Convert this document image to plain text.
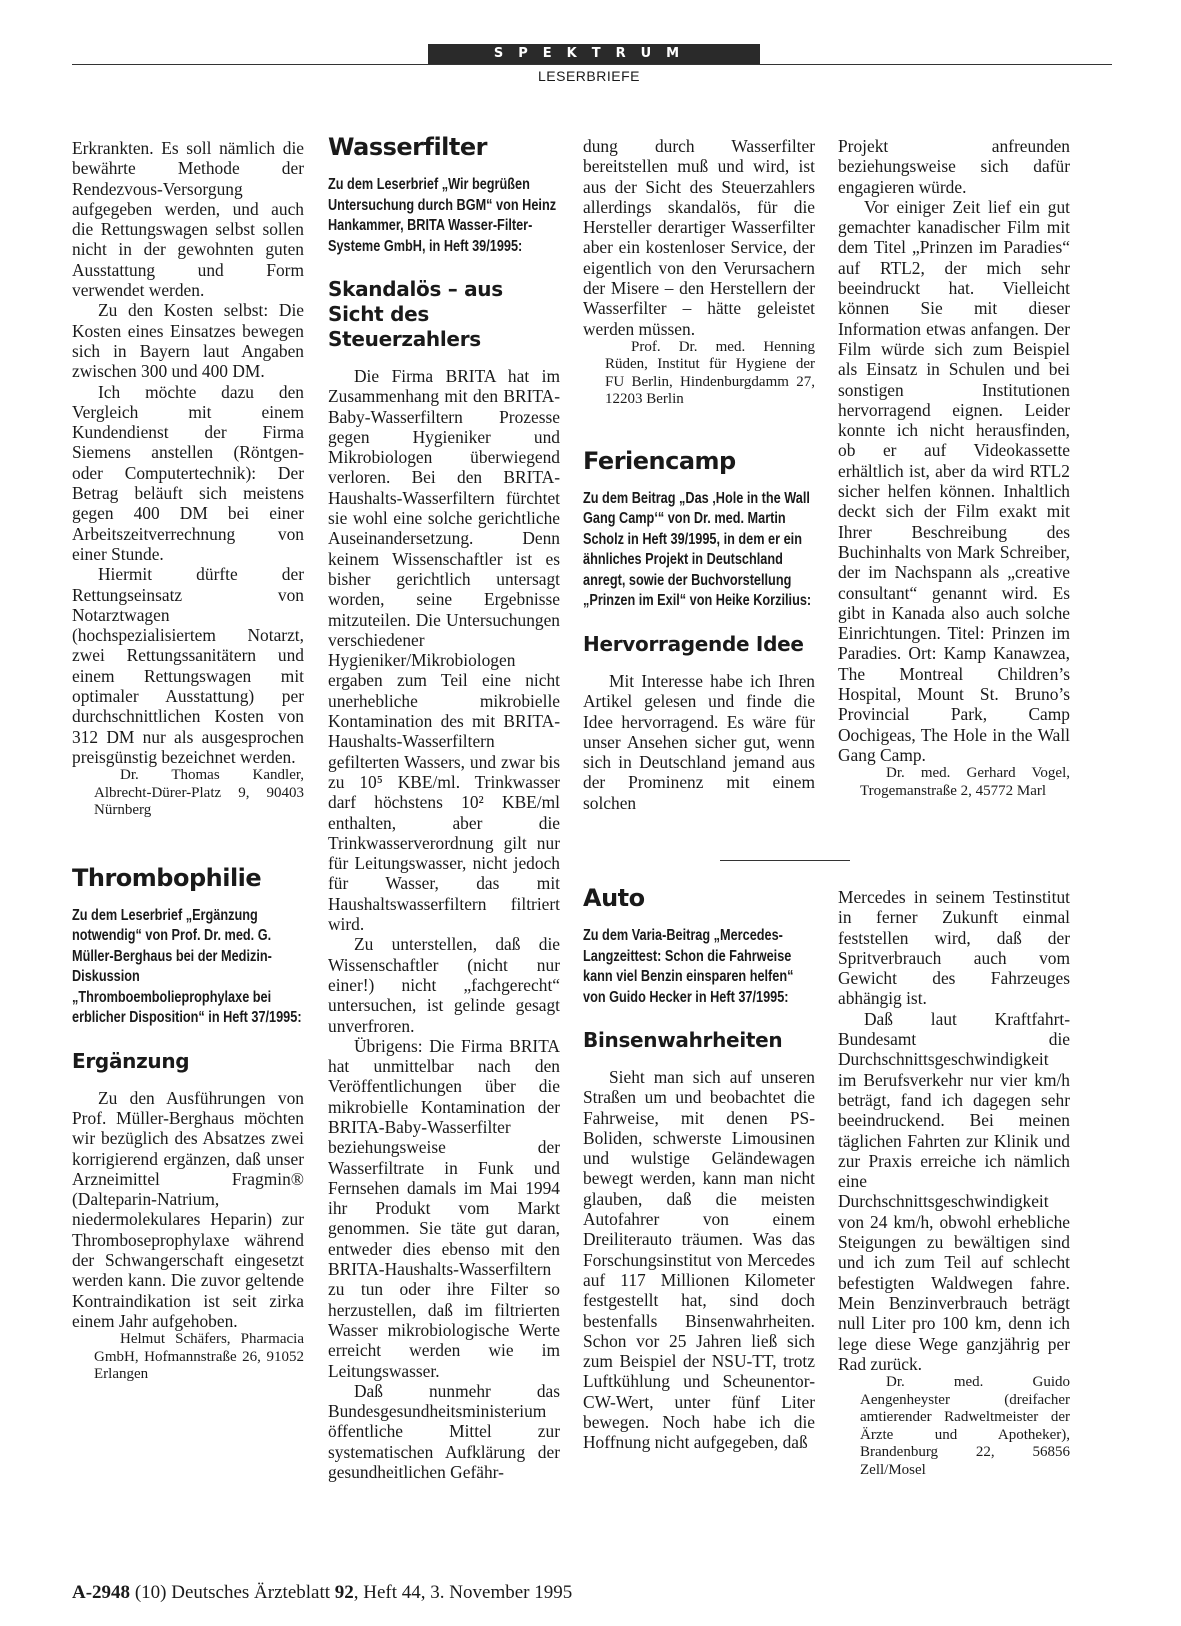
SPEKTRUM
LESERBRIEFE

Erkrankten. Es soll nämlich die bewährte Methode der Rendezvous-Versorgung aufgegeben werden, und auch die Rettungswagen selbst sollen nicht in der gewohnten guten Ausstattung und Form verwendet werden.

Zu den Kosten selbst: Die Kosten eines Einsatzes bewegen sich in Bayern laut Angaben zwischen 300 und 400 DM.

Ich möchte dazu den Vergleich mit einem Kundendienst der Firma Siemens anstellen (Röntgen- oder Computertechnik): Der Betrag beläuft sich meistens gegen 400 DM bei einer Arbeitszeitverrechnung von einer Stunde.

Hiermit dürfte der Rettungseinsatz von Notarztwagen (hochspezialisiertem Notarzt, zwei Rettungssanitätern und einem Rettungswagen mit optimaler Ausstattung) per durchschnittlichen Kosten von 312 DM nur als ausgesprochen preisgünstig bezeichnet werden.

Dr. Thomas Kandler, Albrecht-Dürer-Platz 9, 90403 Nürnberg

Thrombophilie
Zu dem Leserbrief „Ergänzung notwendig“ von Prof. Dr. med. G. Müller-Berghaus bei der Medizin-Diskussion „Thromboembolieprophylaxe bei erblicher Disposition“ in Heft 37/1995:
Ergänzung

Zu den Ausführungen von Prof. Müller-Berghaus möchten wir bezüglich des Absatzes zwei korrigierend ergänzen, daß unser Arzneimittel Fragmin® (Dalteparin-Natrium, niedermolekulares Heparin) zur Thromboseprophylaxe während der Schwangerschaft eingesetzt werden kann. Die zuvor geltende Kontraindikation ist seit zirka einem Jahr aufgehoben.

Helmut Schäfers, Pharmacia GmbH, Hofmannstraße 26, 91052 Erlangen

Wasserfilter
Zu dem Leserbrief „Wir begrüßen Untersuchung durch BGM“ von Heinz Hankammer, BRITA Wasser-Filter-Systeme GmbH, in Heft 39/1995:
Skandalös – aus Sicht des Steuerzahlers

Die Firma BRITA hat im Zusammenhang mit den BRITA-Baby-Wasserfiltern Prozesse gegen Hygieniker und Mikrobiologen überwiegend verloren. Bei den BRITA-Haushalts-Wasserfiltern fürchtet sie wohl eine solche gerichtliche Auseinandersetzung. Denn keinem Wissenschaftler ist es bisher gerichtlich untersagt worden, seine Ergebnisse mitzuteilen. Die Untersuchungen verschiedener Hygieniker/Mikrobiologen ergaben zum Teil eine nicht unerhebliche mikrobielle Kontamination des mit BRITA-Haushalts-Wasserfiltern gefilterten Wassers, und zwar bis zu 10⁵ KBE/ml. Trinkwasser darf höchstens 10² KBE/ml enthalten, aber die Trinkwasserverordnung gilt nur für Leitungswasser, nicht jedoch für Wasser, das mit Haushaltswasserfiltern filtriert wird.

Zu unterstellen, daß die Wissenschaftler (nicht nur einer!) nicht „fachgerecht“ untersuchen, ist gelinde gesagt unverfroren.

Übrigens: Die Firma BRITA hat unmittelbar nach den Veröffentlichungen über die mikrobielle Kontamination der BRITA-Baby-Wasserfilter beziehungsweise der Wasserfiltrate in Funk und Fernsehen damals im Mai 1994 ihr Produkt vom Markt genommen. Sie täte gut daran, entweder dies ebenso mit den BRITA-Haushalts-Wasserfiltern zu tun oder ihre Filter so herzustellen, daß im filtrierten Wasser mikrobiologische Werte erreicht werden wie im Leitungswasser.

Daß nunmehr das Bundesgesundheitsministerium öffentliche Mittel zur systematischen Aufklärung der gesundheitlichen Gefähr-

dung durch Wasserfilter bereitstellen muß und wird, ist aus der Sicht des Steuerzahlers allerdings skandalös, für die Hersteller derartiger Wasserfilter aber ein kostenloser Service, der eigentlich von den Verursachern der Misere – den Herstellern der Wasserfilter – hätte geleistet werden müssen.

Prof. Dr. med. Henning Rüden, Institut für Hygiene der FU Berlin, Hindenburgdamm 27, 12203 Berlin

Feriencamp
Zu dem Beitrag „Das ‚Hole in the Wall Gang Camp‘“ von Dr. med. Martin Scholz in Heft 39/1995, in dem er ein ähnliches Projekt in Deutschland anregt, sowie der Buchvorstellung „Prinzen im Exil“ von Heike Korzilius:
Hervorragende Idee

Mit Interesse habe ich Ihren Artikel gelesen und finde die Idee hervorragend. Es wäre für unser Ansehen sicher gut, wenn sich in Deutschland jemand aus der Prominenz mit einem solchen

Projekt anfreunden beziehungsweise sich dafür engagieren würde.

Vor einiger Zeit lief ein gut gemachter kanadischer Film mit dem Titel „Prinzen im Paradies“ auf RTL2, der mich sehr beeindruckt hat. Vielleicht können Sie mit dieser Information etwas anfangen. Der Film würde sich zum Beispiel als Einsatz in Schulen und bei sonstigen Institutionen hervorragend eignen. Leider konnte ich nicht herausfinden, ob er auf Videokassette erhältlich ist, aber da wird RTL2 sicher helfen können. Inhaltlich deckt sich der Film exakt mit Ihrer Beschreibung des Buchinhalts von Mark Schreiber, der im Nachspann als „creative consultant“ genannt wird. Es gibt in Kanada also auch solche Einrichtungen. Titel: Prinzen im Paradies. Ort: Kamp Kanawzea, The Montreal Children’s Hospital, Mount St. Bruno’s Provincial Park, Camp Oochigeas, The Hole in the Wall Gang Camp.

Dr. med. Gerhard Vogel, Trogemanstraße 2, 45772 Marl

Auto
Zu dem Varia-Beitrag „Mercedes-Langzeittest: Schon die Fahrweise kann viel Benzin einsparen helfen“ von Guido Hecker in Heft 37/1995:
Binsenwahrheiten

Sieht man sich auf unseren Straßen um und beobachtet die Fahrweise, mit denen PS-Boliden, schwerste Limousinen und wulstige Geländewagen bewegt werden, kann man nicht glauben, daß die meisten Autofahrer von einem Dreiliterauto träumen. Was das Forschungsinstitut von Mercedes auf 117 Millionen Kilometer festgestellt hat, sind doch bestenfalls Binsenwahrheiten. Schon vor 25 Jahren ließ sich zum Beispiel der NSU-TT, trotz Luftkühlung und Scheunentor-CW-Wert, unter fünf Liter bewegen. Noch habe ich die Hoffnung nicht aufgegeben, daß

Mercedes in seinem Testinstitut in ferner Zukunft einmal feststellen wird, daß der Spritverbrauch auch vom Gewicht des Fahrzeuges abhängig ist.

Daß laut Kraftfahrt-Bundesamt die Durchschnittsgeschwindigkeit im Berufsverkehr nur vier km/h beträgt, fand ich dagegen sehr beeindruckend. Bei meinen täglichen Fahrten zur Klinik und zur Praxis erreiche ich nämlich eine Durchschnittsgeschwindigkeit von 24 km/h, obwohl erhebliche Steigungen zu bewältigen sind und ich zum Teil auf schlecht befestigten Waldwegen fahre. Mein Benzinverbrauch beträgt null Liter pro 100 km, denn ich lege diese Wege ganzjährig per Rad zurück.

Dr. med. Guido Aengenheyster (dreifacher amtierender Radweltmeister der Ärzte und Apotheker), Brandenburg 22, 56856 Zell/Mosel

A-2948 (10) Deutsches Ärzteblatt 92, Heft 44, 3. November 1995
